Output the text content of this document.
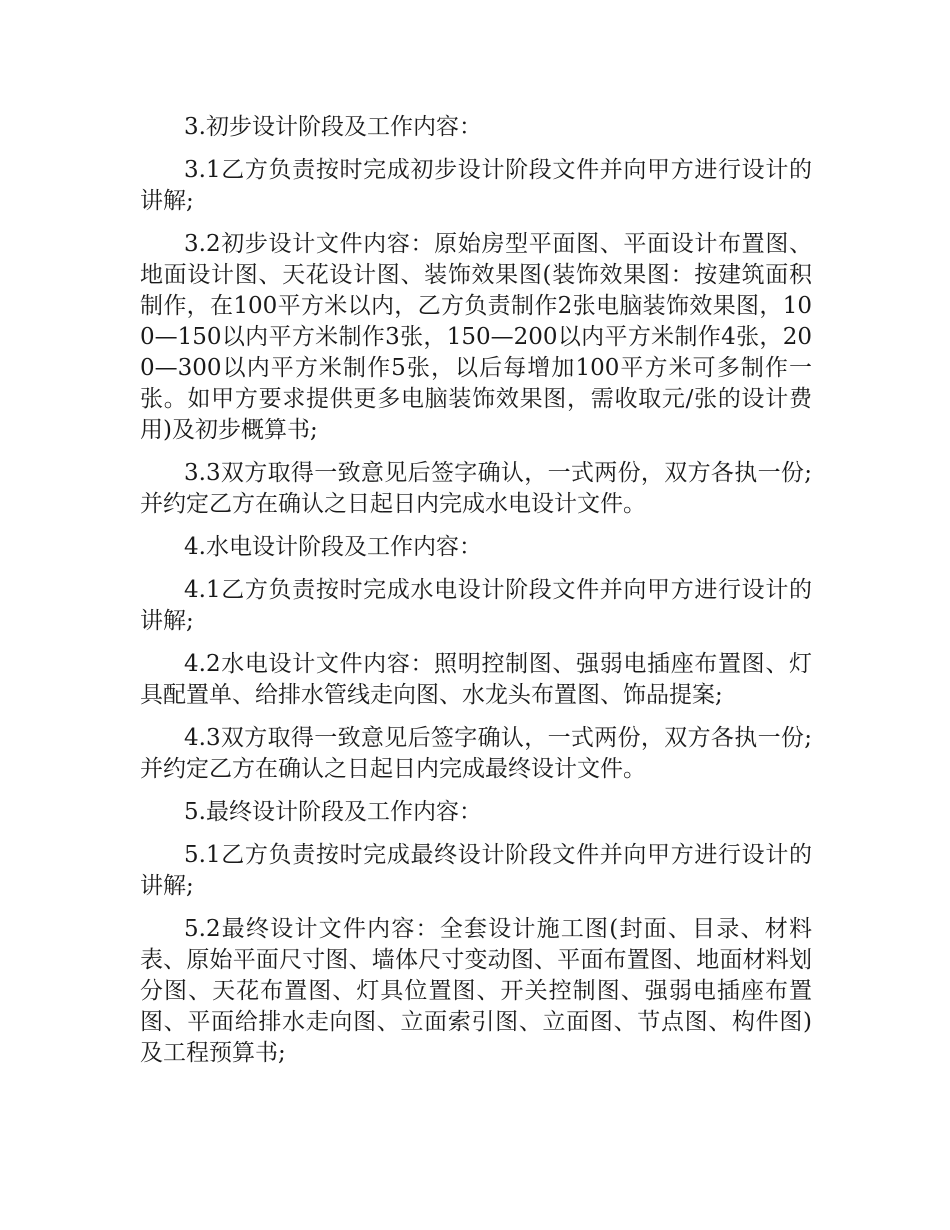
3.初步设计阶段及工作内容：

3.1乙方负责按时完成初步设计阶段文件并向甲方进行设计的讲解;

3.2初步设计文件内容：原始房型平面图、平面设计布置图、地面设计图、天花设计图、装饰效果图(装饰效果图：按建筑面积制作，在100平方米以内，乙方负责制作2张电脑装饰效果图，100—150以内平方米制作3张，150—200以内平方米制作4张，200—300以内平方米制作5张，以后每增加100平方米可多制作一张。如甲方要求提供更多电脑装饰效果图，需收取元/张的设计费用)及初步概算书;

3.3双方取得一致意见后签字确认，一式两份，双方各执一份;并约定乙方在确认之日起日内完成水电设计文件。

4.水电设计阶段及工作内容：

4.1乙方负责按时完成水电设计阶段文件并向甲方进行设计的讲解;

4.2水电设计文件内容：照明控制图、强弱电插座布置图、灯具配置单、给排水管线走向图、水龙头布置图、饰品提案;

4.3双方取得一致意见后签字确认，一式两份，双方各执一份;并约定乙方在确认之日起日内完成最终设计文件。

5.最终设计阶段及工作内容：

5.1乙方负责按时完成最终设计阶段文件并向甲方进行设计的讲解;

5.2最终设计文件内容：全套设计施工图(封面、目录、材料表、原始平面尺寸图、墙体尺寸变动图、平面布置图、地面材料划分图、天花布置图、灯具位置图、开关控制图、强弱电插座布置图、平面给排水走向图、立面索引图、立面图、节点图、构件图)及工程预算书;
